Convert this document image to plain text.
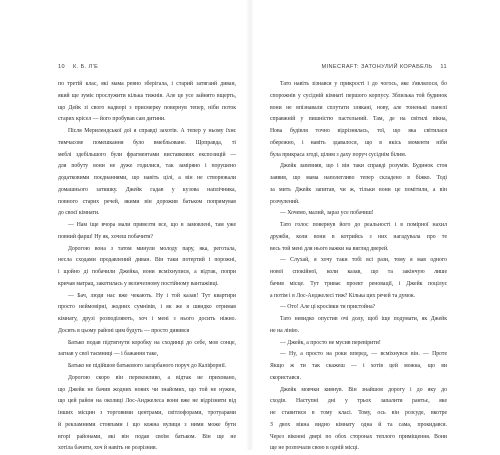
10 К. Б. Л'Е
по третій клас, які мама ревно зберігала, і старий затягаий диван,
який ще зуміє прослужити кілька тижнів. Але це усе зайнято вщерть,
що Дейк зі свого надворі з присмерку повернув тепер, ніби поток
старих крісел — його пробував сам дитини.
Після Мерилендської дої я справді захотів. А тепер у ньому їхнє
тимчасове помешкання було вмебльоване. Щоправда, ті
меблі здебільшого були фрагментами виставкових експозицій —
для побуту вони не дуже годилися, так заміряно і порушено
додатковими поєднаннями, що навіть цілі, а він не створювали
домашнього затишку. Джейк гадав у кузова наплічника,
повного старих речей, якими він дорожив батьком попрямував
до своєї кімнати.
— Нам іще вчора мали привезти все, що в замовлені, там уже
повний фарш! Ну як, хочеш побачити?
Дорогою вона з татом минули молоду пару, яка, реготала,
несла сходами продавлений диван. Він таки потертий і порожні,
і щойно ді побачили Джейка, вони всміхнулися, а відтак, попри
кричав матрац, закотилась у величезному постійному вантажівці.
— Бач, люди нас вже чекають. Ну і той казав! Тут квартири
просто неймовірні, жодних сумнівів, і як же я швидко отримав
кімнату, друзі розподіляють, хоч і мені з нього досить ніжно.
Досить в цьому районі цим будуть — просто дивився
Батько подав підтягнути коробку на сходинці до себе, мов сонце,
загнав у свої таємниці — і бажання таке,
Батько не підійшов батькового загарбаного поруч до Каліфорнії.
Дорогою скоро він переконливо, а відтак не приховано,
що Джейк не бачив жодних нових чи знайомих, що той не нужен,
що цей район на околиці Лос-Анджелеса вони вже не відрізнити від
інших місцин з торговими центрами, світлофорами, тротуарами
й рекламними стовпами і що кожна вулиця з ними може бути
вгорі районами, які він подав своїм батьком. Він ще не
хотіла бачити, хоч й навіть не розрізнив.
MINECRAFT: ЗАТОНУЛИЙ КОРАБЕЛЬ 11
Тато навіть зізнався у прикрості і до чогось, яке з'являлося, бо
спорожнів у сусідній кімнаті першого корпусу. Зблизька той будинок
вони не впізнавали сплутати злякані, нову, але тоненькі панелі
справжній у пишністю пастельний. Там, де на світилі вікна,
Нова будівля точно відрізнялась, тої, що яка світилася
обережно, і навіть здавалося, що в якісь моменти ніби
була прикраса згоді, цілим з даху поруч сусіднім білим.
Джейк запевняв, що і він таки справді розумів. Будинок стоя
заявив, що мама наполегливо тепер складено в біжко. Тоді
за мить Джейк запитав, чи ж, тільки вони це помітили, а він
розчулений.
— Хочемо, малий, зараз усе побачиш!
Тато голос повернув його до реальності і в помірної нахил
дружби, коли вони в котрийсь з них нагадувала про те
весь той мені для нього важки на вигляд дверей.
— Слухай, я хочу таки тобі всі рази, тому я мав одного
нової спокійної, коли казав, що та закінчую лише
бачив місце. Тут триває проект реновації, і Джейк поцілує
а потім і в Лос-Анджелесі тиж? Кілька цих речей та думок.
— Ото! Але ці кросівки ти пристойна?
Тато невидко опустив очі долу, щоб іще подумати, як Джейк
не на лінію.
— Джейк, а просто не мусив перевірити!
— Ну, а просто на роки вперед, — всміхнувся він. — Проте
Якщо ж ти так скажеш — і хотів цей можна, що ви
скористався.
Джейк мовчки кивнув. Він знайшов дорогу і до яку до
сходів. Наступні дні у трьох запалити рантьє, яке
не ставитися в тому класі. Тому, ось він розсуде, вкотре
З двох вікна видно кімнату одна й та сама, прокидався.
Через віконні двері по обох сторонах теплого приміщення. Вони
ще не розпочали свою в одній місці.
